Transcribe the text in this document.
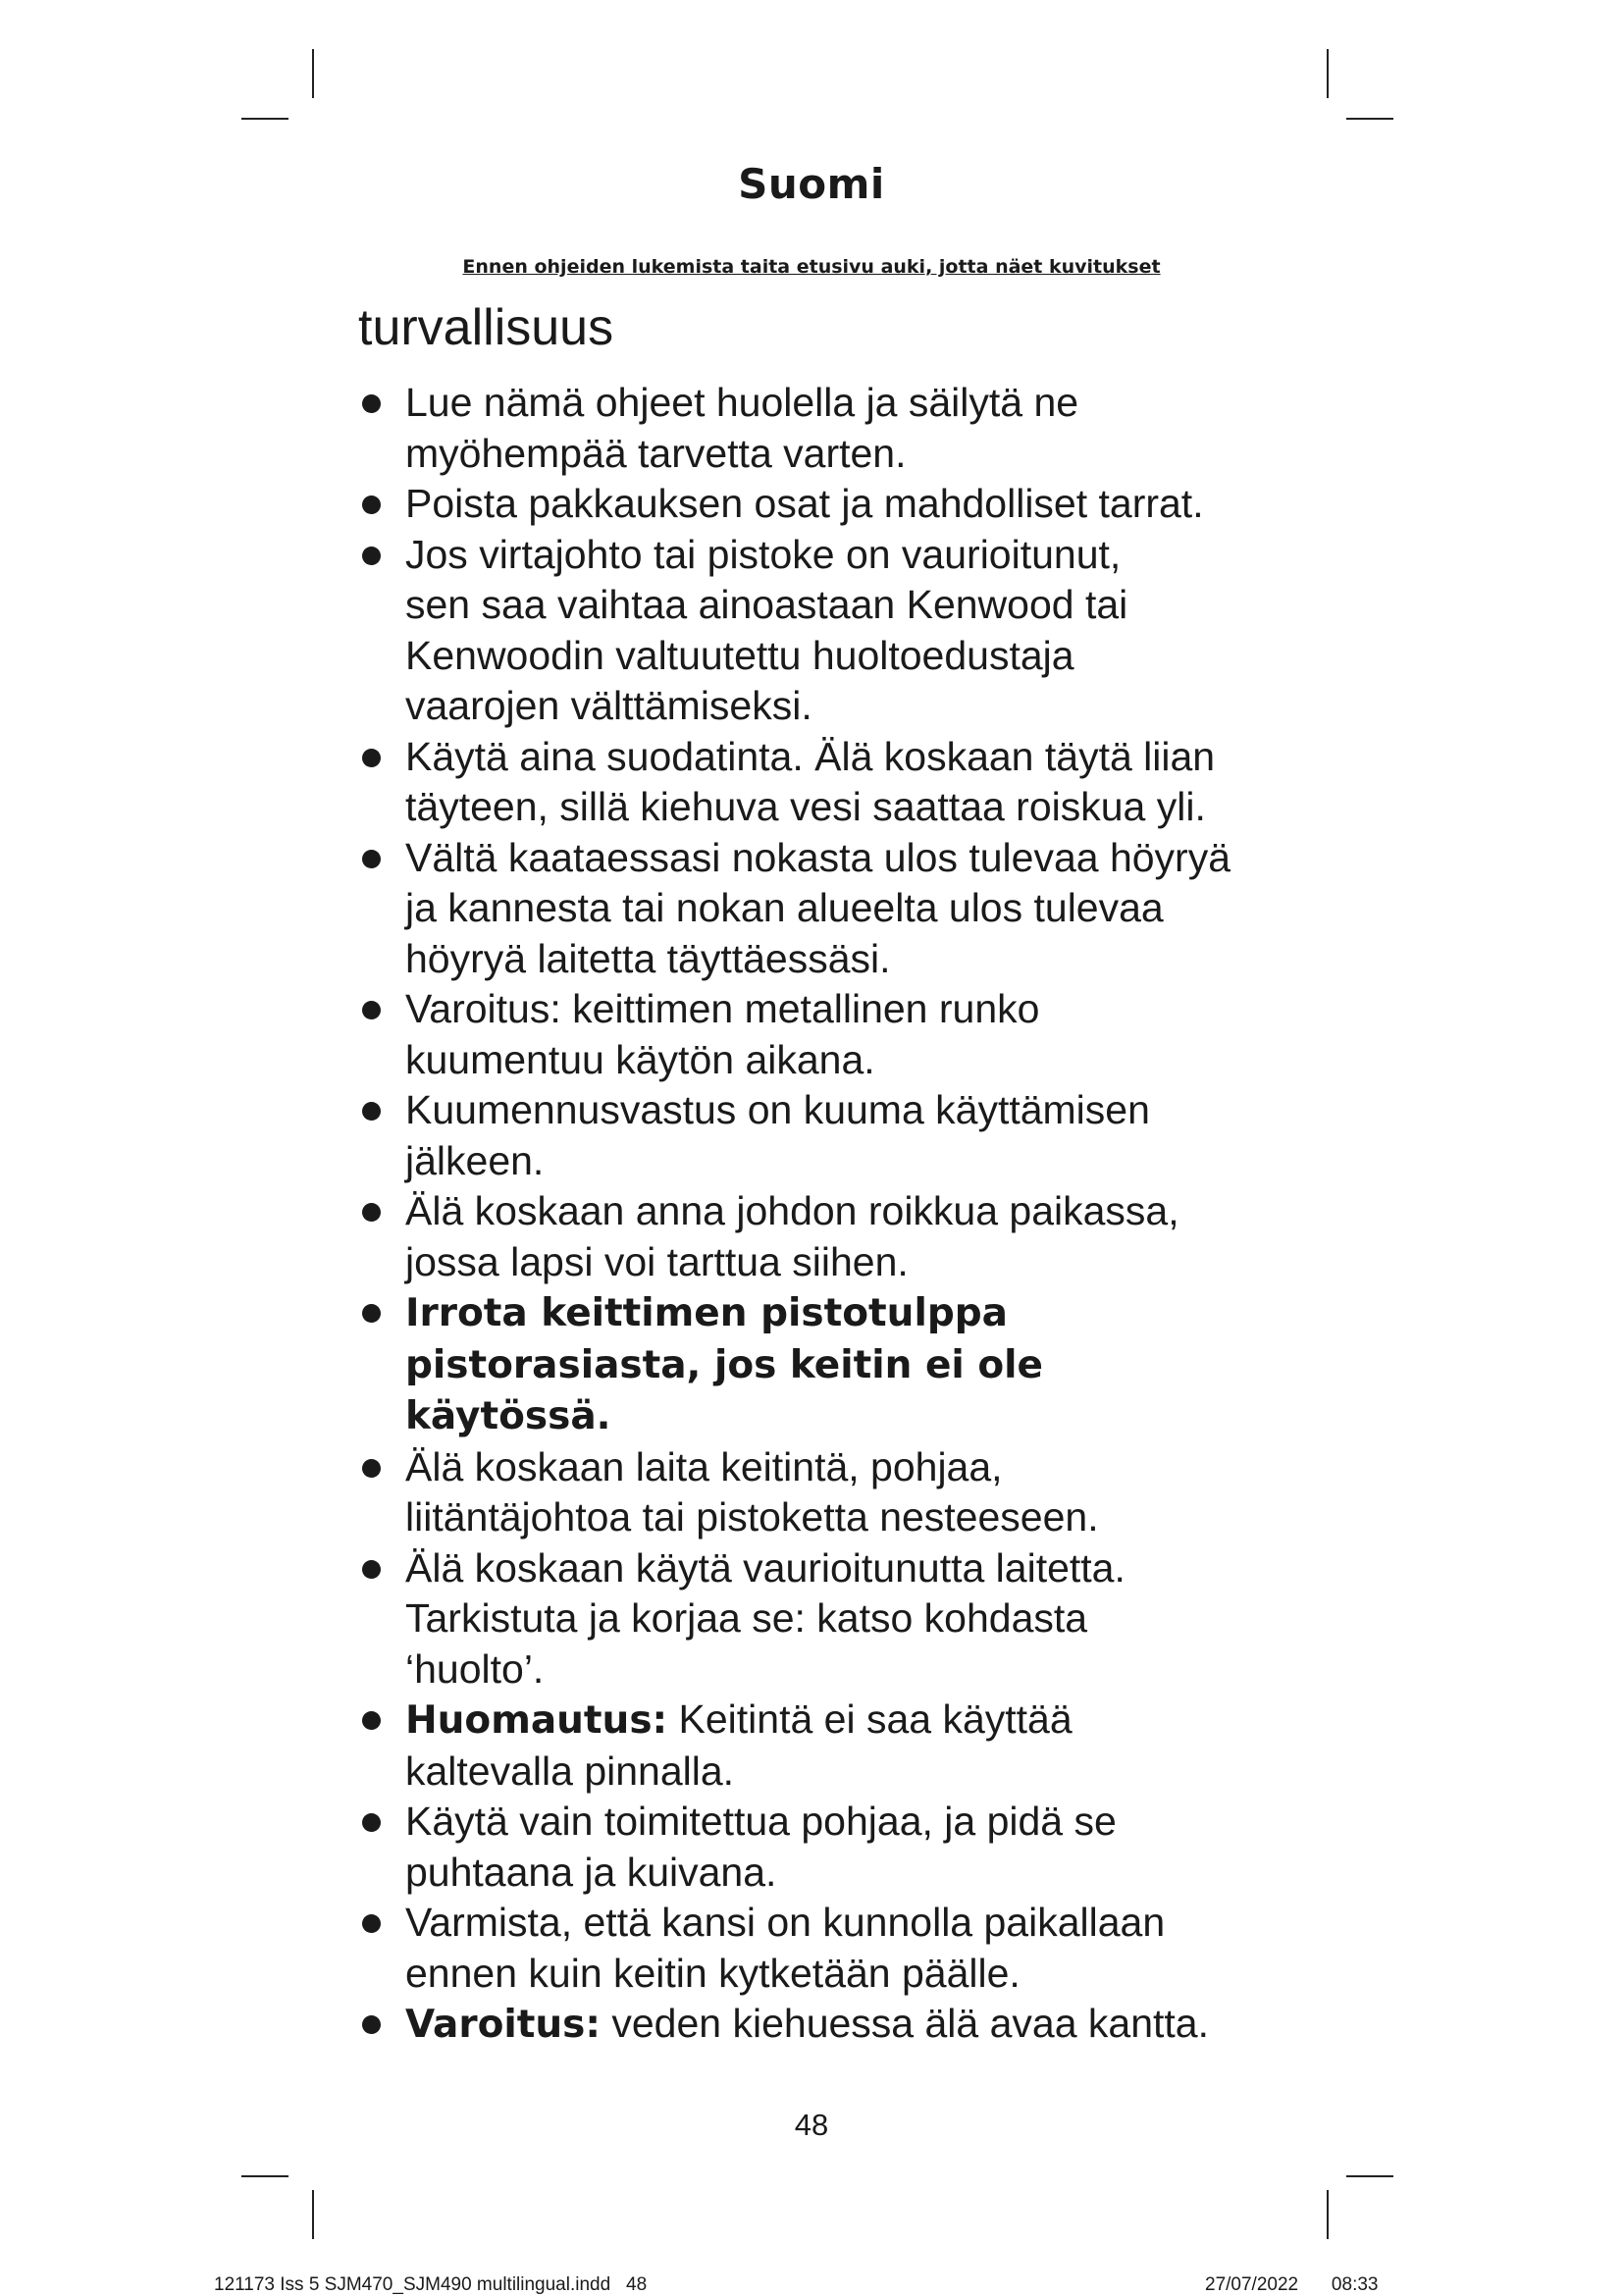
Suomi
Ennen ohjeiden lukemista taita etusivu auki, jotta näet kuvitukset
turvallisuus
Lue nämä ohjeet huolella ja säilytä ne
myöhempää tarvetta varten.
Poista pakkauksen osat ja mahdolliset tarrat.
Jos virtajohto tai pistoke on vaurioitunut,
sen saa vaihtaa ainoastaan Kenwood tai
Kenwoodin valtuutettu huoltoedustaja
vaarojen välttämiseksi.
Käytä aina suodatinta. Älä koskaan täytä liian
täyteen, sillä kiehuva vesi saattaa roiskua yli.
Vältä kaataessasi nokasta ulos tulevaa höyryä
ja kannesta tai nokan alueelta ulos tulevaa
höyryä laitetta täyttäessäsi.
Varoitus: keittimen metallinen runko
kuumentuu käytön aikana.
Kuumennusvastus on kuuma käyttämisen
jälkeen.
Älä koskaan anna johdon roikkua paikassa,
jossa lapsi voi tarttua siihen.
Irrota keittimen pistotulppa
pistorasiasta, jos keitin ei ole
käytössä.
Älä koskaan laita keitintä, pohjaa,
liitäntäjohtoa tai pistoketta nesteeseen.
Älä koskaan käytä vaurioitunutta laitetta.
Tarkistuta ja korjaa se: katso kohdasta
‘huolto’.
Huomautus: Keitintä ei saa käyttää
kaltevalla pinnalla.
Käytä vain toimitettua pohjaa, ja pidä se
puhtaana ja kuivana.
Varmista, että kansi on kunnolla paikallaan
ennen kuin keitin kytketään päälle.
Varoitus: veden kiehuessa älä avaa kantta.
48
121173 Iss 5 SJM470_SJM490 multilingual.indd   48	27/07/2022   08:33
